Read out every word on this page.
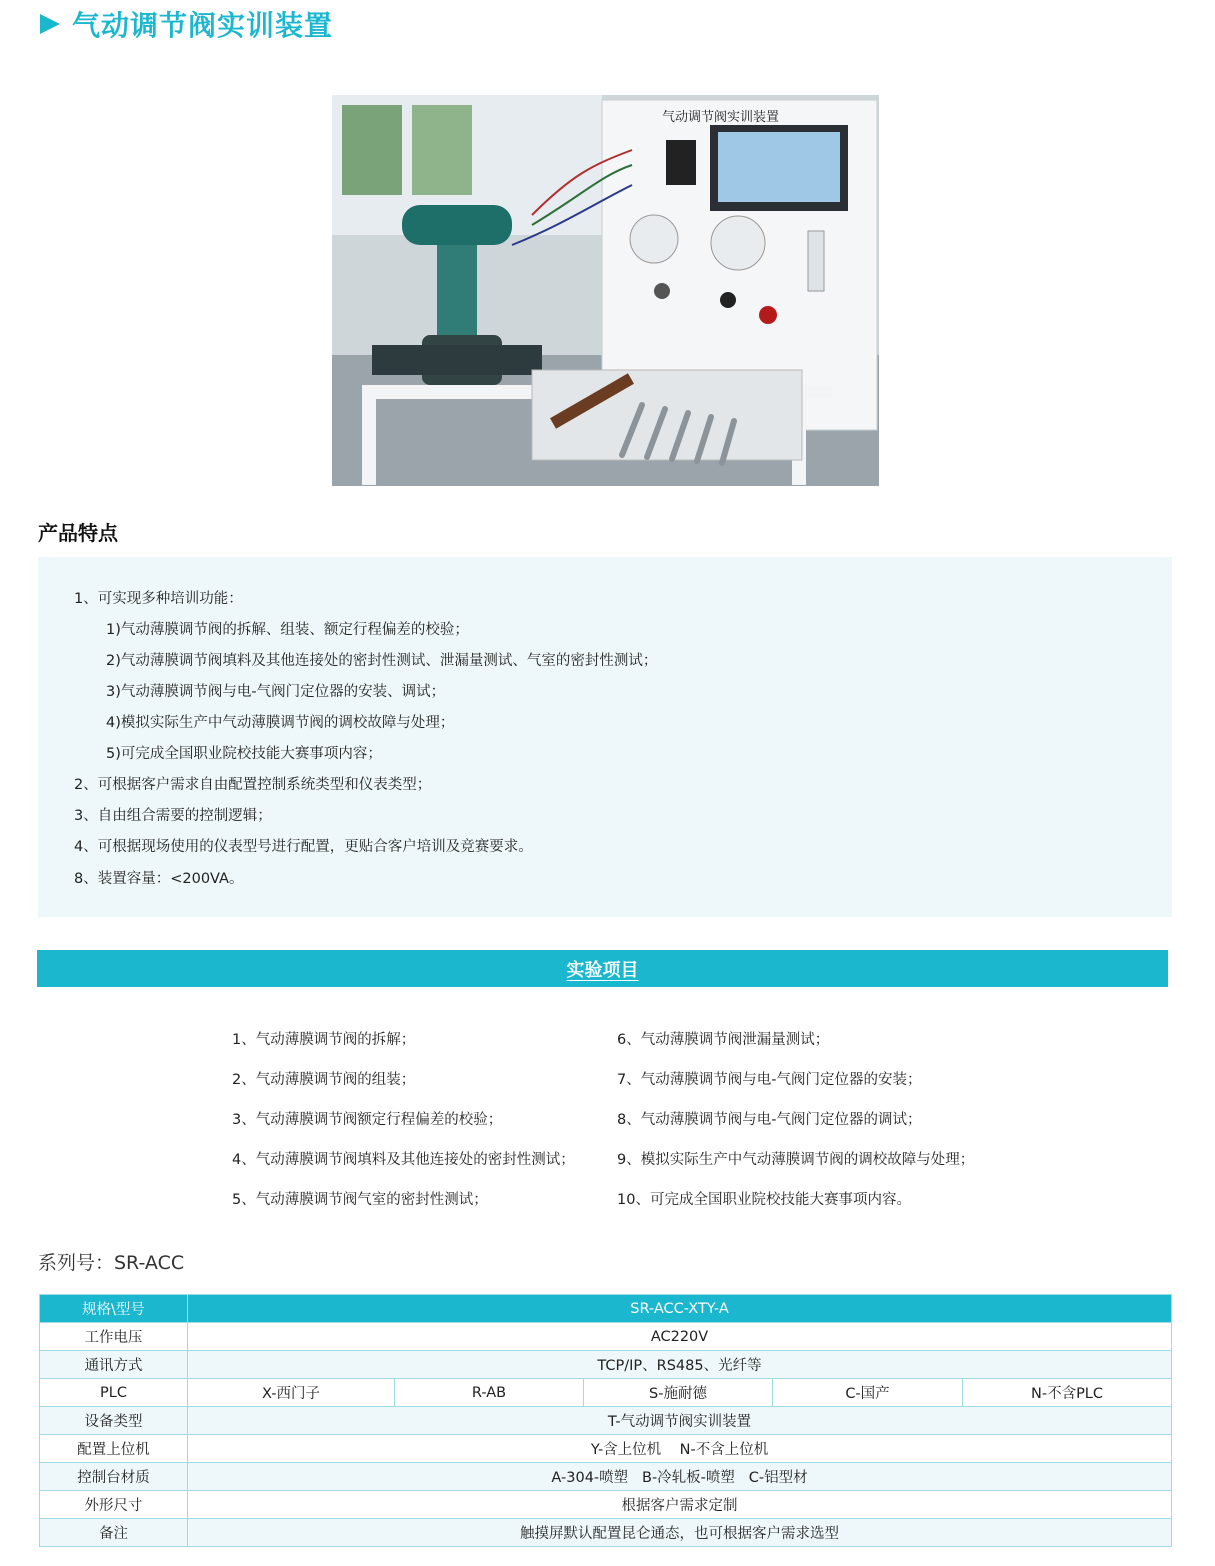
气动调节阀实训装置
气动调节阀实训装置
产品特点
1、可实现多种培训功能：
1)气动薄膜调节阀的拆解、组装、额定行程偏差的校验；
2)气动薄膜调节阀填料及其他连接处的密封性测试、泄漏量测试、气室的密封性测试；
3)气动薄膜调节阀与电-气阀门定位器的安装、调试；
4)模拟实际生产中气动薄膜调节阀的调校故障与处理；
5)可完成全国职业院校技能大赛事项内容；
2、可根据客户需求自由配置控制系统类型和仪表类型；
3、自由组合需要的控制逻辑；
4、可根据现场使用的仪表型号进行配置，更贴合客户培训及竞赛要求。
8、装置容量：<200VA。
实验项目
1、气动薄膜调节阀的拆解；
2、气动薄膜调节阀的组装；
3、气动薄膜调节阀额定行程偏差的校验；
4、气动薄膜调节阀填料及其他连接处的密封性测试；
5、气动薄膜调节阀气室的密封性测试；
6、气动薄膜调节阀泄漏量测试；
7、气动薄膜调节阀与电-气阀门定位器的安装；
8、气动薄膜调节阀与电-气阀门定位器的调试；
9、模拟实际生产中气动薄膜调节阀的调校故障与处理；
10、可完成全国职业院校技能大赛事项内容。
系列号：SR-ACC
规格\型号	SR-ACC-XTY-A				
工作电压	AC220V				
通讯方式	TCP/IP、RS485、光纤等				
PLC	X-西门子	R-AB	S-施耐德	C-国产	N-不含PLC
设备类型	T-气动调节阀实训装置				
配置上位机	Y-含上位机    N-不含上位机				
控制台材质	A-304-喷塑   B-冷轧板-喷塑   C-铝型材				
外形尺寸	根据客户需求定制				
备注	触摸屏默认配置昆仑通态，也可根据客户需求选型				
